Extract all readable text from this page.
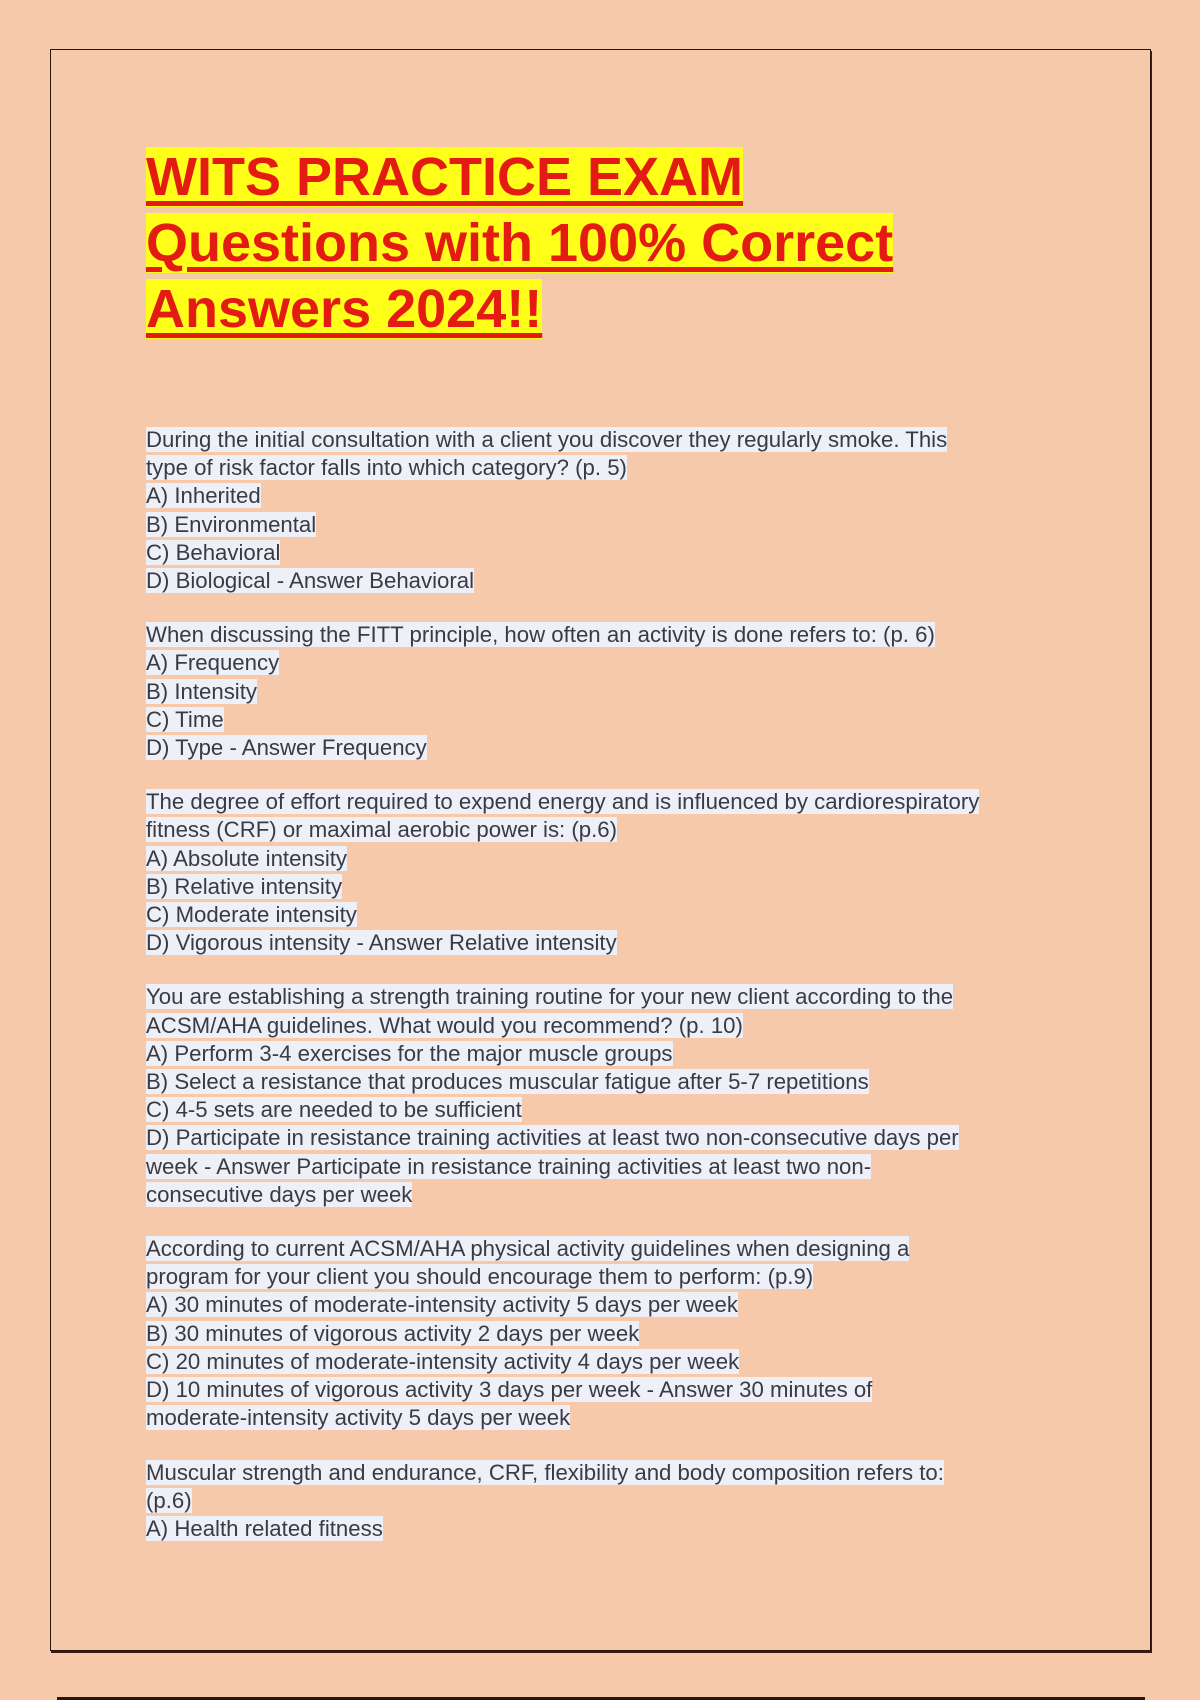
WITS PRACTICE EXAM
Questions with 100% Correct
Answers 2024!!
During the initial consultation with a client you discover they regularly smoke. This
type of risk factor falls into which category? (p. 5)
A) Inherited
B) Environmental
C) Behavioral
D) Biological - Answer Behavioral
When discussing the FITT principle, how often an activity is done refers to: (p. 6)
A) Frequency
B) Intensity
C) Time
D) Type - Answer Frequency
The degree of effort required to expend energy and is influenced by cardiorespiratory
fitness (CRF) or maximal aerobic power is: (p.6)
A) Absolute intensity
B) Relative intensity
C) Moderate intensity
D) Vigorous intensity - Answer Relative intensity
You are establishing a strength training routine for your new client according to the
ACSM/AHA guidelines. What would you recommend? (p. 10)
A) Perform 3-4 exercises for the major muscle groups
B) Select a resistance that produces muscular fatigue after 5-7 repetitions
C) 4-5 sets are needed to be sufficient
D) Participate in resistance training activities at least two non-consecutive days per
week - Answer Participate in resistance training activities at least two non-
consecutive days per week
According to current ACSM/AHA physical activity guidelines when designing a
program for your client you should encourage them to perform: (p.9)
A) 30 minutes of moderate-intensity activity 5 days per week
B) 30 minutes of vigorous activity 2 days per week
C) 20 minutes of moderate-intensity activity 4 days per week
D) 10 minutes of vigorous activity 3 days per week - Answer 30 minutes of
moderate-intensity activity 5 days per week
Muscular strength and endurance, CRF, flexibility and body composition refers to:
(p.6)
A) Health related fitness
